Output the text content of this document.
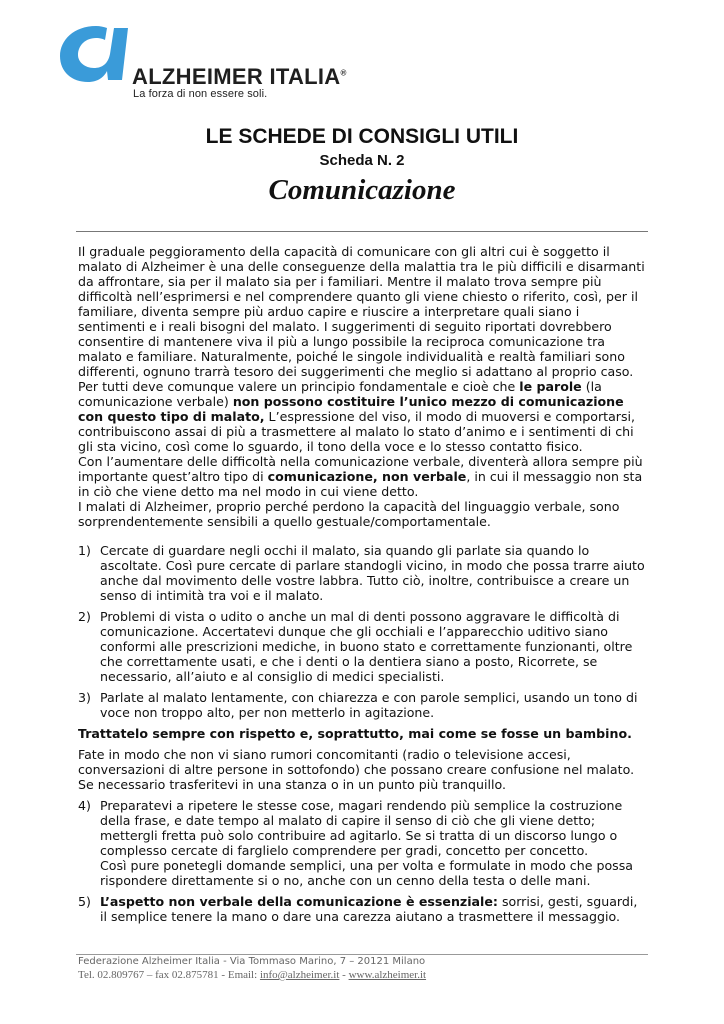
ALZHEIMER ITALIA®
La forza di non essere soli.
LE SCHEDE DI CONSIGLI UTILI
Scheda N. 2
Comunicazione

Il graduale peggioramento della capacità di comunicare con gli altri cui è soggetto il malato di Alzheimer è una delle conseguenze della malattia tra le più difficili e disarmanti da affrontare, sia per il malato sia per i familiari. Mentre il malato trova sempre più difficoltà nell’esprimersi e nel comprendere quanto gli viene chiesto o riferito, così, per il familiare, diventa sempre più arduo capire e riuscire a interpretare quali siano i sentimenti e i reali bisogni del malato. I suggerimenti di seguito riportati dovrebbero consentire di mantenere viva il più a lungo possibile la reciproca comunicazione tra malato e familiare. Naturalmente, poiché le singole individualità e realtà familiari sono differenti, ognuno trarrà tesoro dei suggerimenti che meglio si adattano al proprio caso.

Per tutti deve comunque valere un principio fondamentale e cioè che le parole (la comunicazione verbale) non possono costituire l’unico mezzo di comunicazione con questo tipo di malato, L’espressione del viso, il modo di muoversi e comportarsi, contribuiscono assai di più a trasmettere al malato lo stato d’animo e i sentimenti di chi gli sta vicino, così come lo sguardo, il tono della voce e lo stesso contatto fisico.

Con l’aumentare delle difficoltà nella comunicazione verbale, diventerà allora sempre più importante quest’altro tipo di comunicazione, non verbale, in cui il messaggio non sta in ciò che viene detto ma nel modo in cui viene detto.

I malati di Alzheimer, proprio perché perdono la capacità del linguaggio verbale, sono sorprendentemente sensibili a quello gestuale/comportamentale.

1) Cercate di guardare negli occhi il malato, sia quando gli parlate sia quando lo ascoltate. Così pure cercate di parlare standogli vicino, in modo che possa trarre aiuto anche dal movimento delle vostre labbra. Tutto ciò, inoltre, contribuisce a creare un senso di intimità tra voi e il malato.
2) Problemi di vista o udito o anche un mal di denti possono aggravare le difficoltà di comunicazione. Accertatevi dunque che gli occhiali e l’apparecchio uditivo siano conformi alle prescrizioni mediche, in buono stato e correttamente funzionanti, oltre che correttamente usati, e che i denti o la dentiera siano a posto, Ricorrete, se necessario, all’aiuto e al consiglio di medici specialisti.
3) Parlate al malato lentamente, con chiarezza e con parole semplici, usando un tono di voce non troppo alto, per non metterlo in agitazione.

Trattatelo sempre con rispetto e, soprattutto, mai come se fosse un bambino.

Fate in modo che non vi siano rumori concomitanti (radio o televisione accesi, conversazioni di altre persone in sottofondo) che possano creare confusione nel malato. Se necessario trasferitevi in una stanza o in un punto più tranquillo.

4) Preparatevi a ripetere le stesse cose, magari rendendo più semplice la costruzione della frase, e date tempo al malato di capire il senso di ciò che gli viene detto; mettergli fretta può solo contribuire ad agitarlo. Se si tratta di un discorso lungo o complesso cercate di farglielo comprendere per gradi, concetto per concetto.
Così pure ponetegli domande semplici, una per volta e formulate in modo che possa rispondere direttamente si o no, anche con un cenno della testa o delle mani.
5) L’aspetto non verbale della comunicazione è essenziale: sorrisi, gesti, sguardi, il semplice tenere la mano o dare una carezza aiutano a trasmettere il messaggio.
Federazione Alzheimer Italia - Via Tommaso Marino, 7 – 20121 Milano
Tel. 02.809767 – fax 02.875781 - Email: info@alzheimer.it - www.alzheimer.it
